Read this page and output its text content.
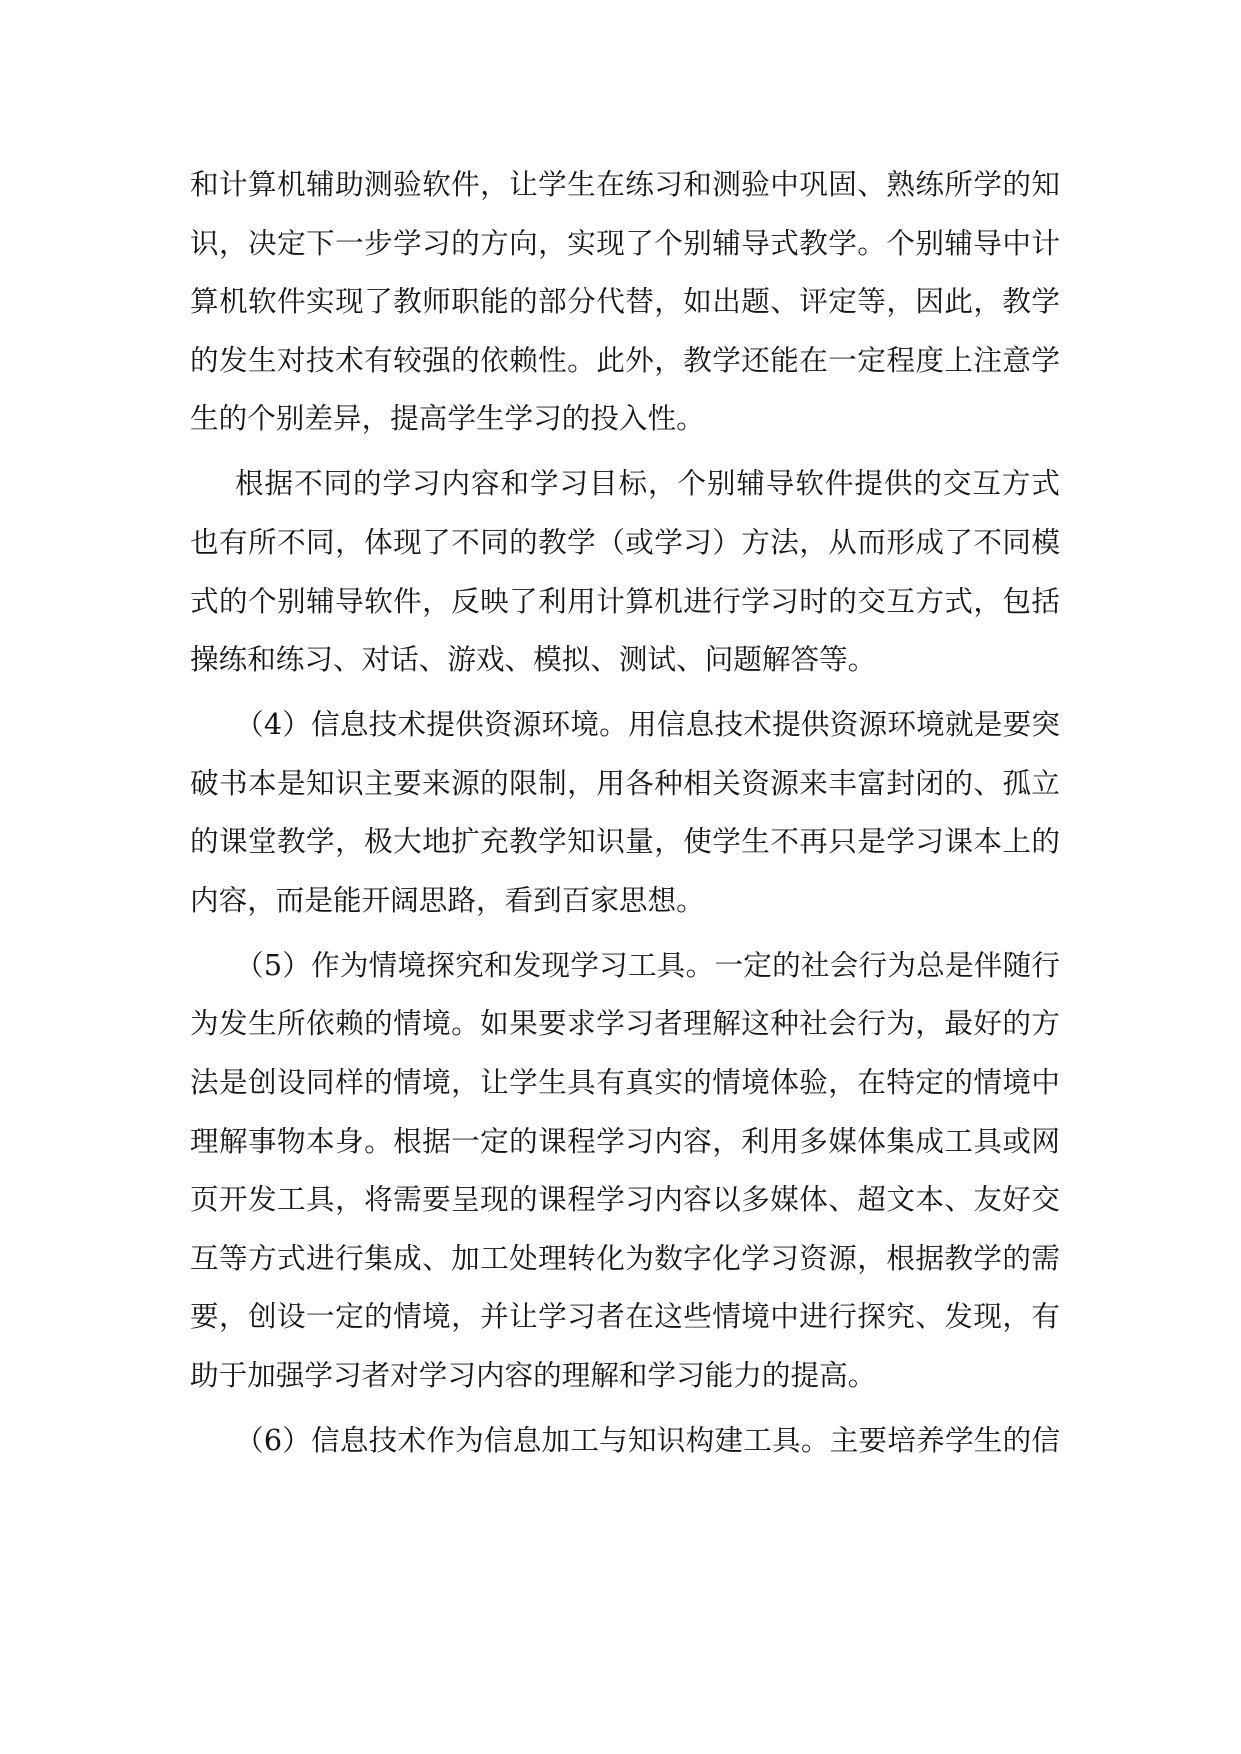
和计算机辅助测验软件，让学生在练习和测验中巩固、熟练所学的知
识，决定下一步学习的方向，实现了个别辅导式教学。个别辅导中计
算机软件实现了教师职能的部分代替，如出题、评定等，因此，教学
的发生对技术有较强的依赖性。此外，教学还能在一定程度上注意学
生的个别差异，提高学生学习的投入性。
根据不同的学习内容和学习目标，个别辅导软件提供的交互方式
也有所不同，体现了不同的教学（或学习）方法，从而形成了不同模
式的个别辅导软件，反映了利用计算机进行学习时的交互方式，包括
操练和练习、对话、游戏、模拟、测试、问题解答等。
（4）信息技术提供资源环境。用信息技术提供资源环境就是要突
破书本是知识主要来源的限制，用各种相关资源来丰富封闭的、孤立
的课堂教学，极大地扩充教学知识量，使学生不再只是学习课本上的
内容，而是能开阔思路，看到百家思想。
（5）作为情境探究和发现学习工具。一定的社会行为总是伴随行
为发生所依赖的情境。如果要求学习者理解这种社会行为，最好的方
法是创设同样的情境，让学生具有真实的情境体验，在特定的情境中
理解事物本身。根据一定的课程学习内容，利用多媒体集成工具或网
页开发工具，将需要呈现的课程学习内容以多媒体、超文本、友好交
互等方式进行集成、加工处理转化为数字化学习资源，根据教学的需
要，创设一定的情境，并让学习者在这些情境中进行探究、发现，有
助于加强学习者对学习内容的理解和学习能力的提高。
（6）信息技术作为信息加工与知识构建工具。主要培养学生的信
